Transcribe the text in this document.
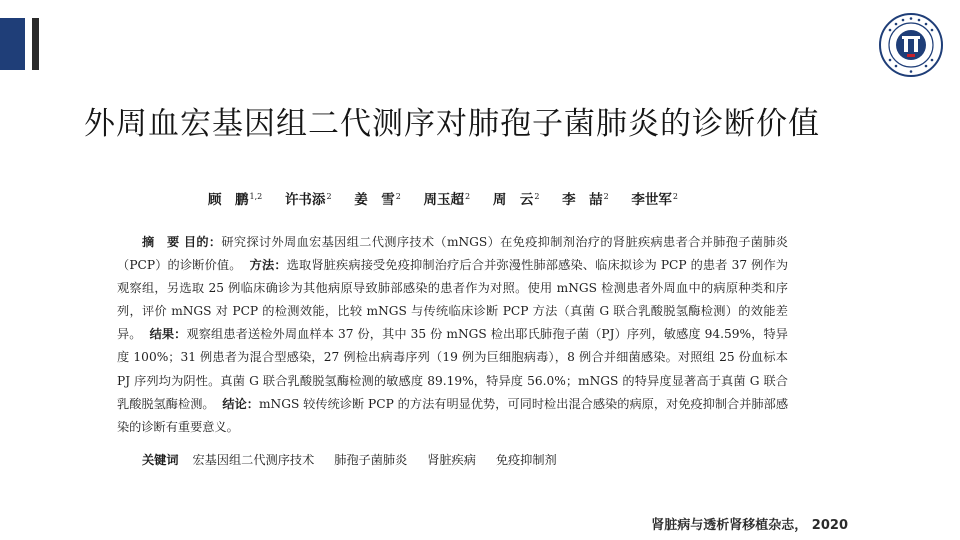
外周血宏基因组二代测序对肺孢子菌肺炎的诊断价值
顾　鹏$^{1,2}$ 许书添$^2$ 姜　雪$^2$ 周玉超$^2$ 周　云$^2$ 李　喆$^2$ 李世军$^2$

摘　要 目的：研究探讨外周血宏基因组二代测序技术（mNGS）在免疫抑制剂治疗的肾脏疾病患者合并肺孢子菌肺炎（PCP）的诊断价值。 方法：选取肾脏疾病接受免疫抑制治疗后合并弥漫性肺部感染、临床拟诊为 PCP 的患者 37 例作为观察组，另选取 25 例临床确诊为其他病原导致肺部感染的患者作为对照。使用 mNGS 检测患者外周血中的病原种类和序列，评价 mNGS 对 PCP 的检测效能，比较 mNGS 与传统临床诊断 PCP 方法（真菌 G 联合乳酸脱氢酶检测）的效能差异。 结果：观察组患者送检外周血样本 37 份，其中 35 份 mNGS 检出耶氏肺孢子菌（PJ）序列，敏感度 94.59%，特异度 100%；31 例患者为混合型感染，27 例检出病毒序列（19 例为巨细胞病毒），8 例合并细菌感染。对照组 25 份血标本 PJ 序列均为阴性。真菌 G 联合乳酸脱氢酶检测的敏感度 89.19%，特异度 56.0%；mNGS 的特异度显著高于真菌 G 联合乳酸脱氢酶检测。 结论：mNGS 较传统诊断 PCP 的方法有明显优势，可同时检出混合感染的病原，对免疫抑制合并肺部感染的诊断有重要意义。

关键词 宏基因组二代测序技术 肺孢子菌肺炎 肾脏疾病 免疫抑制剂
肾脏病与透析肾移植杂志， 2020
